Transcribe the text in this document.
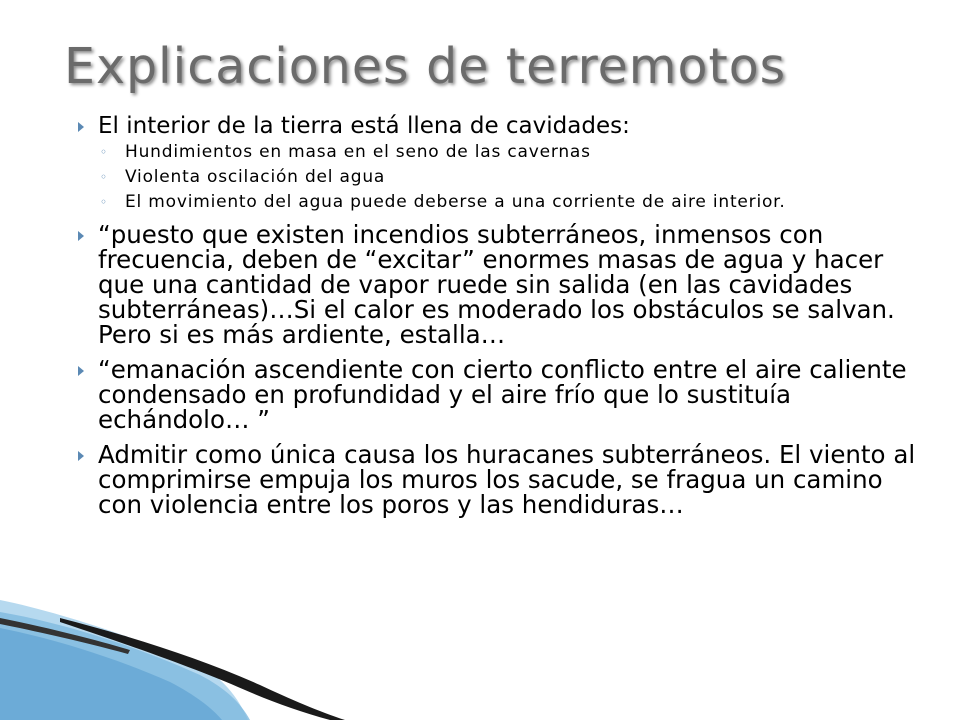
Explicaciones de terremotos
El interior de la tierra está llena de cavidades:
◦ Hundimientos en masa en el seno de las cavernas
◦ Violenta oscilación del agua
◦ El movimiento del agua puede deberse a una corriente de aire interior.
“puesto que existen incendios subterráneos, inmensos con frecuencia, deben de “excitar” enormes masas de agua y hacer que una cantidad de vapor ruede sin salida (en las cavidades subterráneas)…Si el calor es moderado los obstáculos se salvan. Pero si es más ardiente, estalla…
“emanación ascendiente con cierto conflicto entre el aire caliente condensado en profundidad y el aire frío que lo sustituía echándolo… ”
Admitir como única causa los huracanes subterráneos. El viento al comprimirse empuja los muros los sacude, se fragua un camino con violencia entre los poros y las hendiduras…
